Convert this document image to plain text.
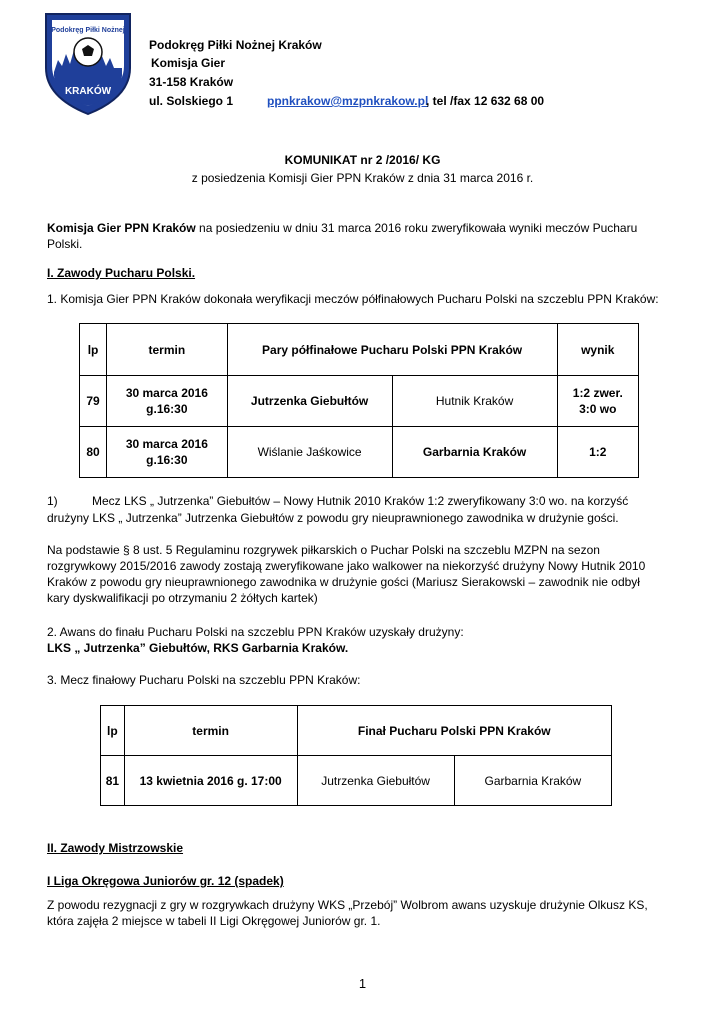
Podokręg Piłki Nożnej
KRAKÓW
Podokręg Piłki Nożnej Kraków
Komisja Gier
31-158 Kraków
ul. Solskiego 1	ppnkrakow@mzpnkrakow.pl
, tel /fax 12 632 68 00
KOMUNIKAT nr 2 /2016/ KG
z posiedzenia Komisji Gier PPN Kraków z dnia 31 marca 2016 r.
Komisja Gier PPN Kraków na posiedzeniu w dniu 31 marca 2016 roku zweryfikowała wyniki meczów Pucharu
Polski.
I. Zawody Pucharu Polski.
1. Komisja Gier PPN Kraków dokonała weryfikacji meczów półfinałowych Pucharu Polski na szczeblu PPN Kraków:
lp	termin	Pary półfinałowe Pucharu Polski PPN Kraków		wynik
79	30 marca 2016
g.16:30	Jutrzenka Giebułtów	Hutnik Kraków	1:2 zwer.
3:0 wo
80	30 marca 2016
g.16:30	Wiślanie Jaśkowice	Garbarnia Kraków	1:2
1)	Mecz LKS „ Jutrzenka” Giebułtów – Nowy Hutnik 2010 Kraków 1:2 zweryfikowany 3:0 wo. na korzyść
drużyny LKS „ Jutrzenka” Jutrzenka Giebułtów z powodu gry nieuprawnionego zawodnika w drużynie gości.
Na podstawie § 8 ust. 5 Regulaminu rozgrywek piłkarskich o Puchar Polski na szczeblu MZPN na sezon
rozgrywkowy 2015/2016 zawody zostają zweryfikowane jako walkower na niekorzyść drużyny Nowy Hutnik 2010
Kraków z powodu gry nieuprawnionego zawodnika w drużynie gości (Mariusz Sierakowski – zawodnik nie odbył
kary dyskwalifikacji po otrzymaniu 2 żółtych kartek)
2. Awans do finału Pucharu Polski na szczeblu PPN Kraków uzyskały drużyny:
LKS „ Jutrzenka” Giebułtów, RKS Garbarnia Kraków.
3. Mecz finałowy Pucharu Polski na szczeblu PPN Kraków:
lp	termin	Finał Pucharu Polski PPN Kraków	
81	13 kwietnia 2016 g. 17:00	Jutrzenka Giebułtów	Garbarnia Kraków
II. Zawody Mistrzowskie
I Liga Okręgowa Juniorów gr. 12 (spadek)
Z powodu rezygnacji z gry w rozgrywkach drużyny WKS „Przebój” Wolbrom awans uzyskuje drużynie Olkusz KS,
która zajęła 2 miejsce w tabeli II Ligi Okręgowej Juniorów gr. 1.
1
